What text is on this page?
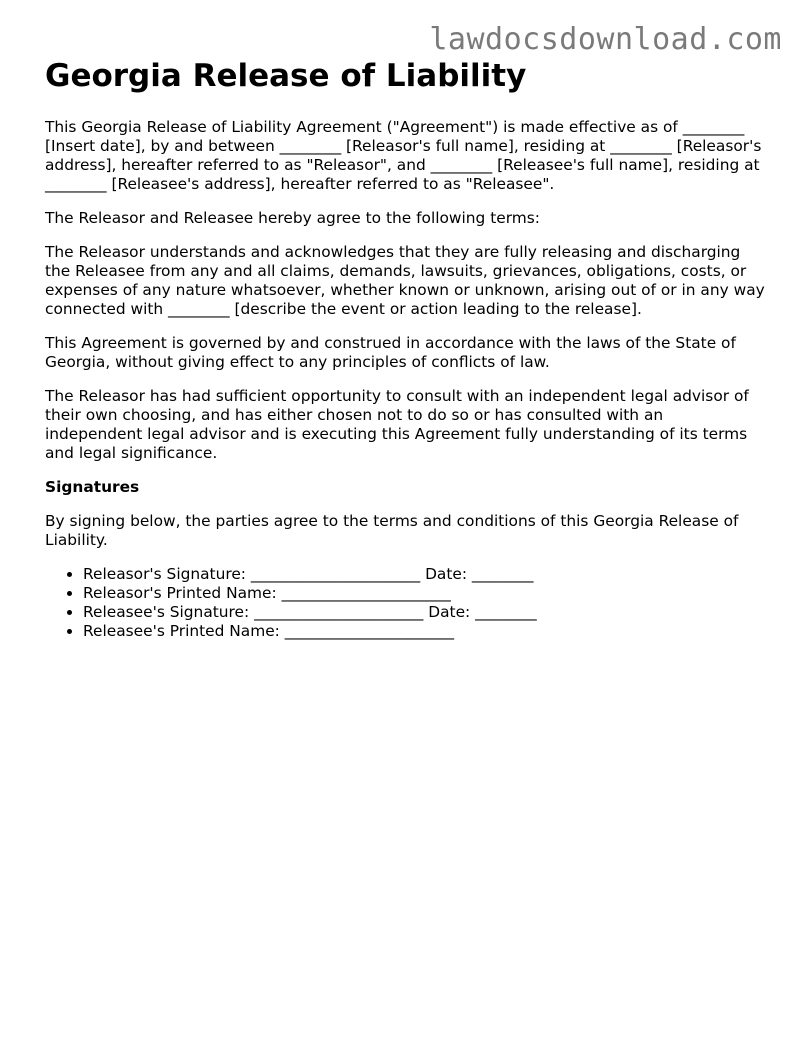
lawdocsdownload.com
Georgia Release of Liability

This Georgia Release of Liability Agreement ("Agreement") is made effective as of ________ [Insert date], by and between ________ [Releasor's full name], residing at ________ [Releasor's address], hereafter referred to as "Releasor", and ________ [Releasee's full name], residing at ________ [Releasee's address], hereafter referred to as "Releasee".

The Releasor and Releasee hereby agree to the following terms:

The Releasor understands and acknowledges that they are fully releasing and discharging the Releasee from any and all claims, demands, lawsuits, grievances, obligations, costs, or expenses of any nature whatsoever, whether known or unknown, arising out of or in any way connected with ________ [describe the event or action leading to the release].

This Agreement is governed by and construed in accordance with the laws of the State of Georgia, without giving effect to any principles of conflicts of law.

The Releasor has had sufficient opportunity to consult with an independent legal advisor of their own choosing, and has either chosen not to do so or has consulted with an independent legal advisor and is executing this Agreement fully understanding of its terms and legal significance.

Signatures

By signing below, the parties agree to the terms and conditions of this Georgia Release of Liability.

• Releasor's Signature: ______________________ Date: ________
• Releasor's Printed Name: ______________________
• Releasee's Signature: ______________________ Date: ________
• Releasee's Printed Name: ______________________
